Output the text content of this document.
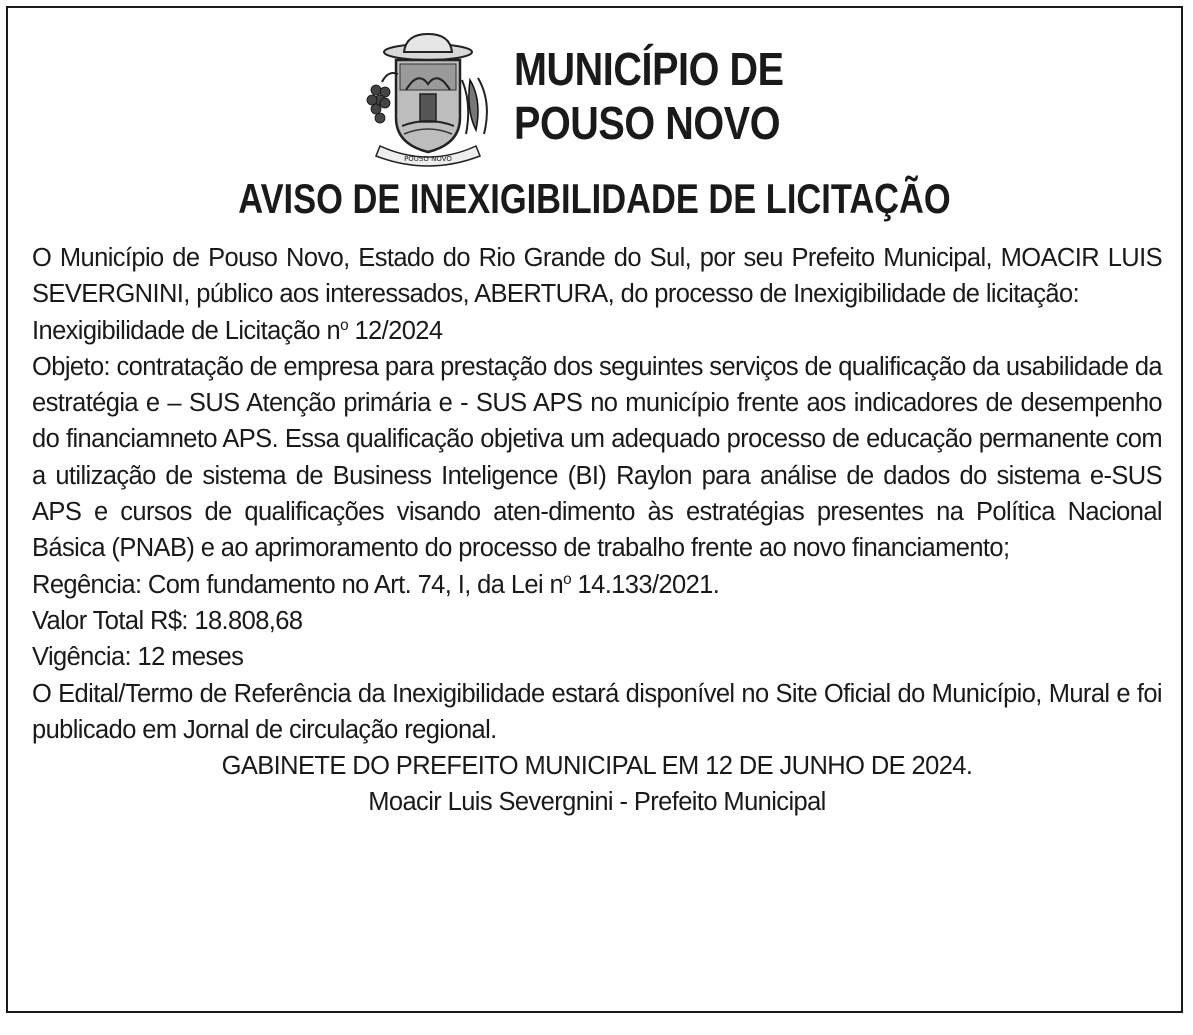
POUSO NOVO
MUNICÍPIO DE
POUSO NOVO
AVISO DE INEXIGIBILIDADE DE LICITAÇÃO

O Município de Pouso Novo, Estado do Rio Grande do Sul, por seu Prefeito Municipal, MOACIR LUIS SEVERGNINI, público aos interessados, ABERTURA, do processo de Inexigibilidade de licitação:

Inexigibilidade de Licitação $n^o$ 12/2024

Objeto: contratação de empresa para prestação dos seguintes serviços de qualificação da usabilidade da estratégia e – SUS Atenção primária e - SUS APS no município frente aos indicadores de desempenho do financiamneto APS. Essa qualificação objetiva um adequado processo de educação permanente com a utilização de sistema de Business Inteligence (BI) Raylon para análise de dados do sistema e-SUS APS e cursos de qualificações visando aten-dimento às estratégias presentes na Política Nacional Básica (PNAB) e ao aprimoramento do processo de trabalho frente ao novo financiamento;

Regência: Com fundamento no Art. 74, I, da Lei $n^o$ 14.133/2021.

Valor Total R$: 18.808,68

Vigência: 12 meses

O Edital/Termo de Referência da Inexigibilidade estará disponível no Site Oficial do Município, Mural e foi publicado em Jornal de circulação regional.

GABINETE DO PREFEITO MUNICIPAL EM 12 DE JUNHO DE 2024.

Moacir Luis Severgnini - Prefeito Municipal
